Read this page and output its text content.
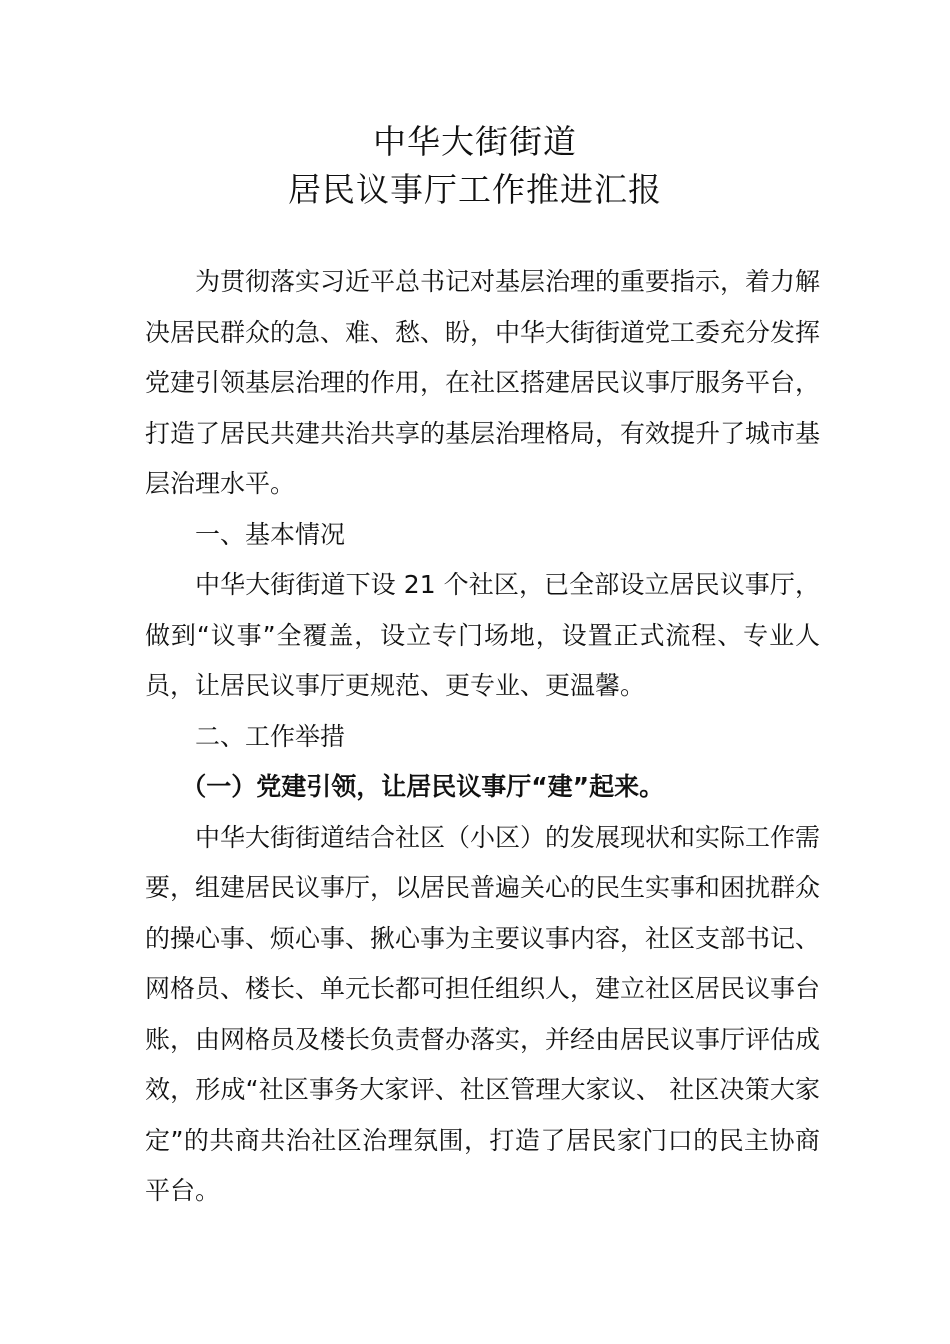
中华大街街道
居民议事厅工作推进汇报

为贯彻落实习近平总书记对基层治理的重要指示，着力解决居民群众的急、难、愁、盼，中华大街街道党工委充分发挥党建引领基层治理的作用，在社区搭建居民议事厅服务平台，打造了居民共建共治共享的基层治理格局，有效提升了城市基层治理水平。

一、基本情况

中华大街街道下设 21 个社区，已全部设立居民议事厅，做到“议事”全覆盖，设立专门场地，设置正式流程、专业人员，让居民议事厅更规范、更专业、更温馨。

二、工作举措

（一）党建引领，让居民议事厅“建”起来。

中华大街街道结合社区（小区）的发展现状和实际工作需要，组建居民议事厅，以居民普遍关心的民生实事和困扰群众的操心事、烦心事、揪心事为主要议事内容，社区支部书记、网格员、楼长、单元长都可担任组织人，建立社区居民议事台账，由网格员及楼长负责督办落实，并经由居民议事厅评估成效，形成“社区事务大家评、社区管理大家议、 社区决策大家定”的共商共治社区治理氛围，打造了居民家门口的民主协商平台。
